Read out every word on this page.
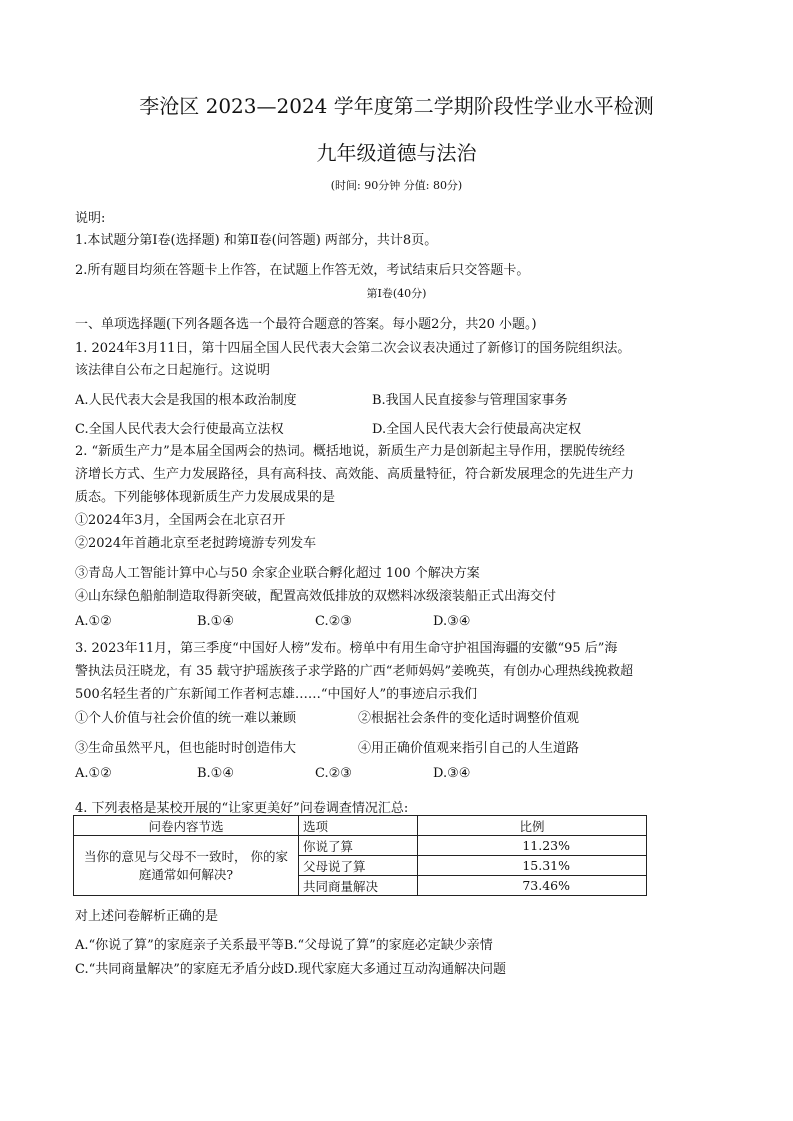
李沧区 2023—2024 学年度第二学期阶段性学业水平检测
九年级道德与法治
(时间: 90分钟 分值: 80分)
说明:
1.本试题分第Ⅰ卷(选择题) 和第Ⅱ卷(问答题) 两部分，共计8页。
2.所有题目均须在答题卡上作答，在试题上作答无效，考试结束后只交答题卡。
第Ⅰ卷(40分)
一、单项选择题(下列各题各选一个最符合题意的答案。每小题2分，共20 小题。)
1. 2024年3月11日，第十四届全国人民代表大会第二次会议表决通过了新修订的国务院组织法。
该法律自公布之日起施行。这说明
A.人民代表大会是我国的根本政治制度	B.我国人民直接参与管理国家事务
C.全国人民代表大会行使最高立法权	D.全国人民代表大会行使最高决定权
2. “新质生产力”是本届全国两会的热词。概括地说，新质生产力是创新起主导作用，摆脱传统经
济增长方式、生产力发展路径，具有高科技、高效能、高质量特征，符合新发展理念的先进生产力
质态。下列能够体现新质生产力发展成果的是
①2024年3月，全国两会在北京召开
②2024年首趟北京至老挝跨境游专列发车
③青岛人工智能计算中心与50 余家企业联合孵化超过 100 个解决方案
④山东绿色船舶制造取得新突破，配置高效低排放的双燃料冰级滚装船正式出海交付
A.①②	B.①④	C.②③	D.③④
3. 2023年11月，第三季度“中国好人榜”发布。榜单中有用生命守护祖国海疆的安徽“95 后”海
警执法员汪晓龙，有 35 载守护瑶族孩子求学路的广西“老师妈妈”姜晚英，有创办心理热线挽救超
500名轻生者的广东新闻工作者柯志雄……“中国好人”的事迹启示我们
①个人价值与社会价值的统一难以兼顾	②根据社会条件的变化适时调整价值观
③生命虽然平凡，但也能时时创造伟大	④用正确价值观来指引自己的人生道路
A.①②	B.①④	C.②③	D.③④
4. 下列表格是某校开展的“让家更美好”问卷调查情况汇总:
问卷内容节选	选项	比例
当你的意见与父母不一致时， 你的家庭通常如何解决?	你说了算	11.23%
	父母说了算	15.31%
	共同商量解决	73.46%
对上述问卷解析正确的是
A.“你说了算”的家庭亲子关系最平等B.“父母说了算”的家庭必定缺少亲情
C.“共同商量解决”的家庭无矛盾分歧D.现代家庭大多通过互动沟通解决问题
